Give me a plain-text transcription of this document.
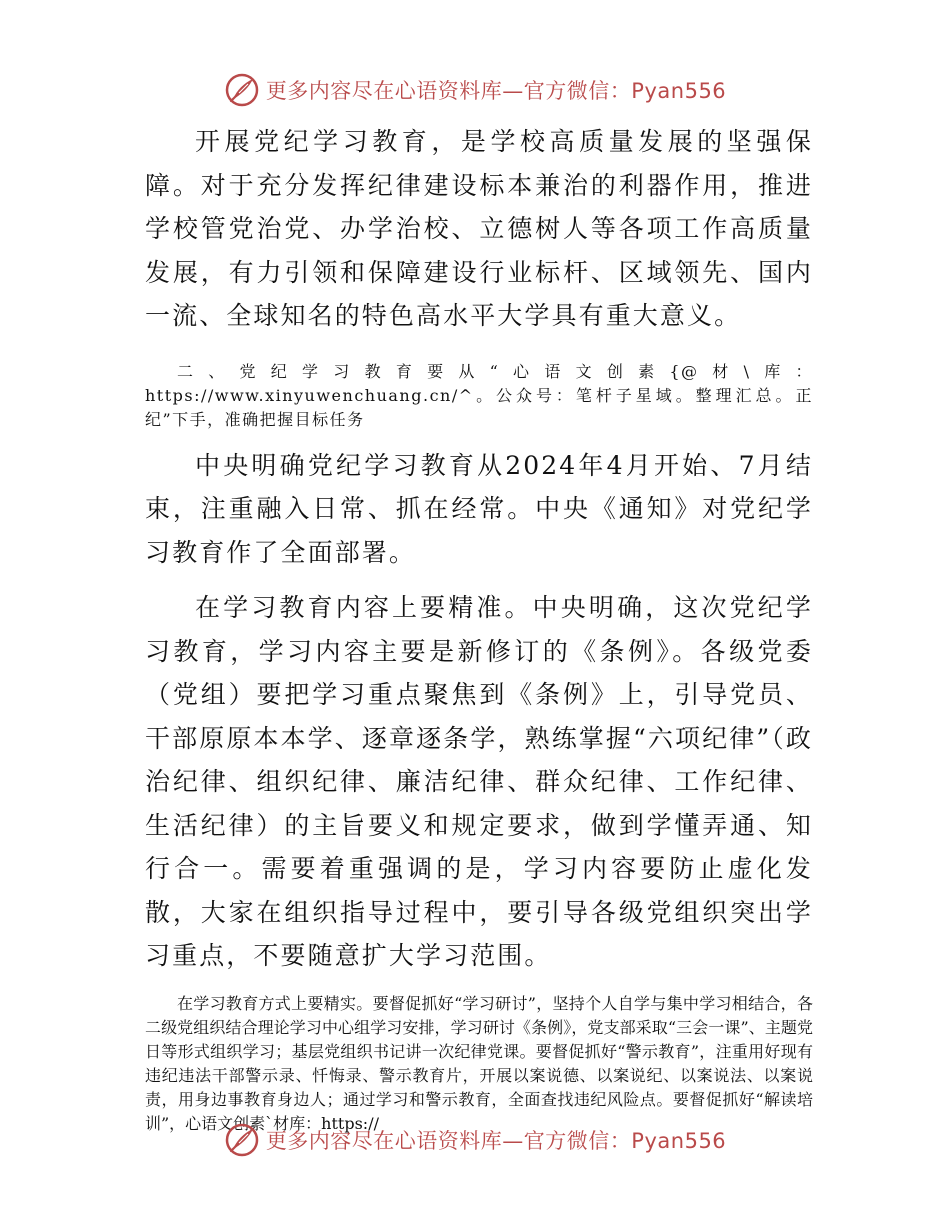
更多内容尽在心语资料库—官方微信：Pyan556

开展党纪学习教育，是学校高质量发展的坚强保障。对于充分发挥纪律建设标本兼治的利器作用，推进学校管党治党、办学治校、立德树人等各项工作高质量发展，有力引领和保障建设行业标杆、区域领先、国内一流、全球知名的特色高水平大学具有重大意义。

二、党纪学习教育要从“心语文创素{@材\库：https://www.xinyuwenchuang.cn/^。公众号：笔杆子星域。整理汇总。正纪”下手，准确把握目标任务

中央明确党纪学习教育从2024年4月开始、7月结束，注重融入日常、抓在经常。中央《通知》对党纪学习教育作了全面部署。

在学习教育内容上要精准。中央明确，这次党纪学习教育，学习内容主要是新修订的《条例》。各级党委（党组）要把学习重点聚焦到《条例》上，引导党员、干部原原本本学、逐章逐条学，熟练掌握“六项纪律”（政治纪律、组织纪律、廉洁纪律、群众纪律、工作纪律、生活纪律）的主旨要义和规定要求，做到学懂弄通、知行合一。需要着重强调的是，学习内容要防止虚化发散，大家在组织指导过程中，要引导各级党组织突出学习重点，不要随意扩大学习范围。

在学习教育方式上要精实。要督促抓好“学习研讨”，坚持个人自学与集中学习相结合，各二级党组织结合理论学习中心组学习安排，学习研讨《条例》，党支部采取“三会一课”、主题党日等形式组织学习；基层党组织书记讲一次纪律党课。要督促抓好“警示教育”，注重用好现有违纪违法干部警示录、忏悔录、警示教育片，开展以案说德、以案说纪、以案说法、以案说责，用身边事教育身边人；通过学习和警示教育，全面查找违纪风险点。要督促抓好“解读培训”，心语文创素`材库：https://

更多内容尽在心语资料库—官方微信：Pyan556
